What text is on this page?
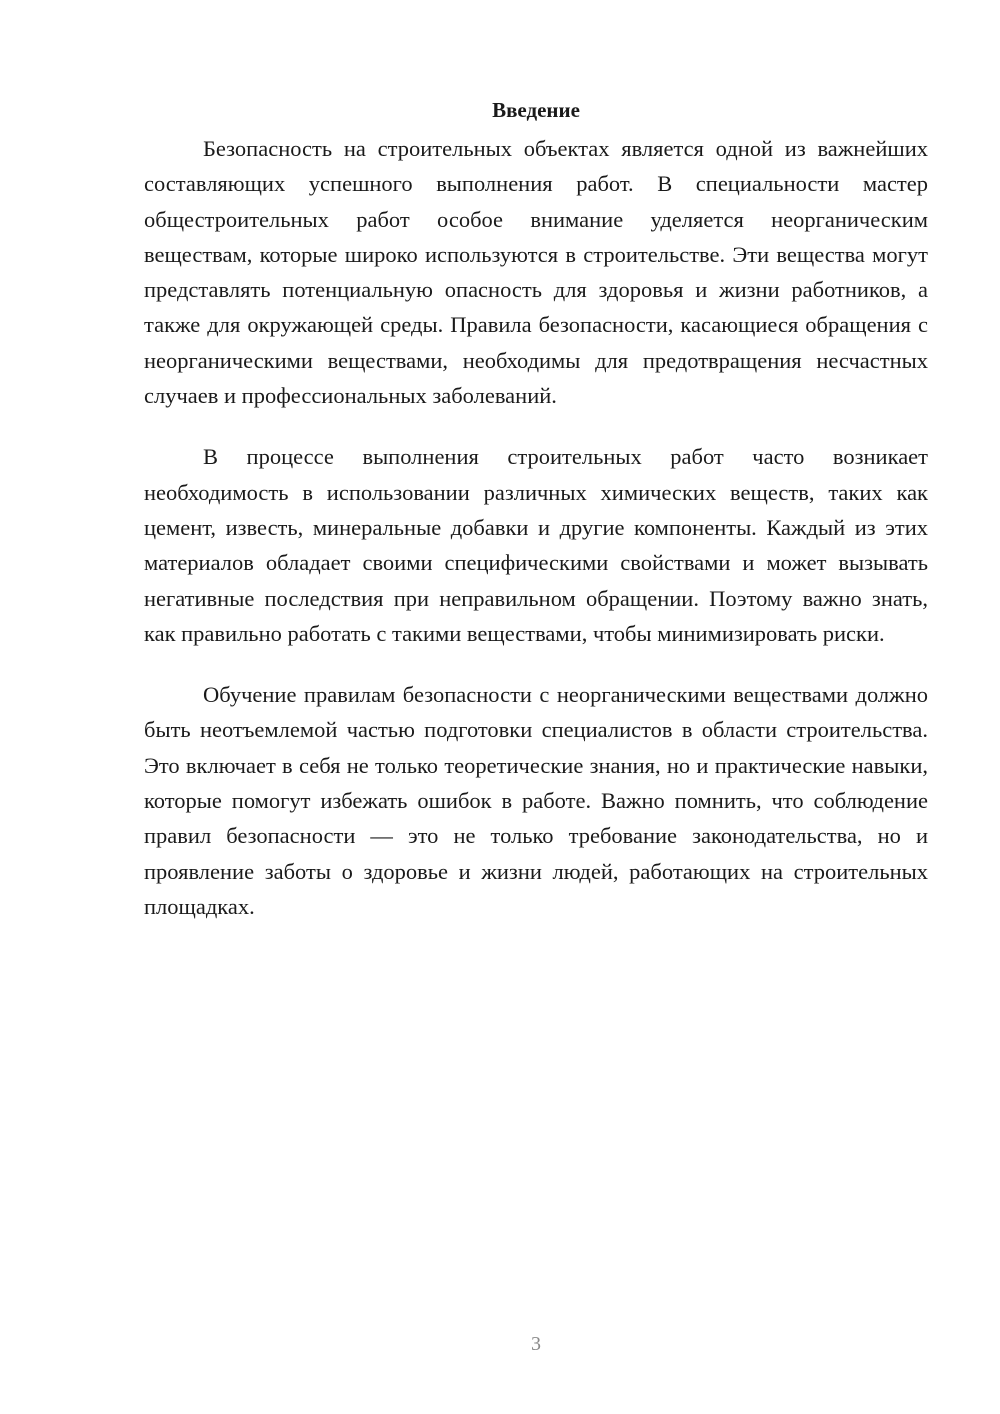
Введение

Безопасность на строительных объектах является одной из важнейших составляющих успешного выполнения работ. В специальности мастер общестроительных работ особое внимание уделяется неорганическим веществам, которые широко используются в строительстве. Эти вещества могут представлять потенциальную опасность для здоровья и жизни работников, а также для окружающей среды. Правила безопасности, касающиеся обращения с неорганическими веществами, необходимы для предотвращения несчастных случаев и профессиональных заболеваний.

В процессе выполнения строительных работ часто возникает необходимость в использовании различных химических веществ, таких как цемент, известь, минеральные добавки и другие компоненты. Каждый из этих материалов обладает своими специфическими свойствами и может вызывать негативные последствия при неправильном обращении. Поэтому важно знать, как правильно работать с такими веществами, чтобы минимизировать риски.

Обучение правилам безопасности с неорганическими веществами должно быть неотъемлемой частью подготовки специалистов в области строительства. Это включает в себя не только теоретические знания, но и практические навыки, которые помогут избежать ошибок в работе. Важно помнить, что соблюдение правил безопасности — это не только требование законодательства, но и проявление заботы о здоровье и жизни людей, работающих на строительных площадках.

3
